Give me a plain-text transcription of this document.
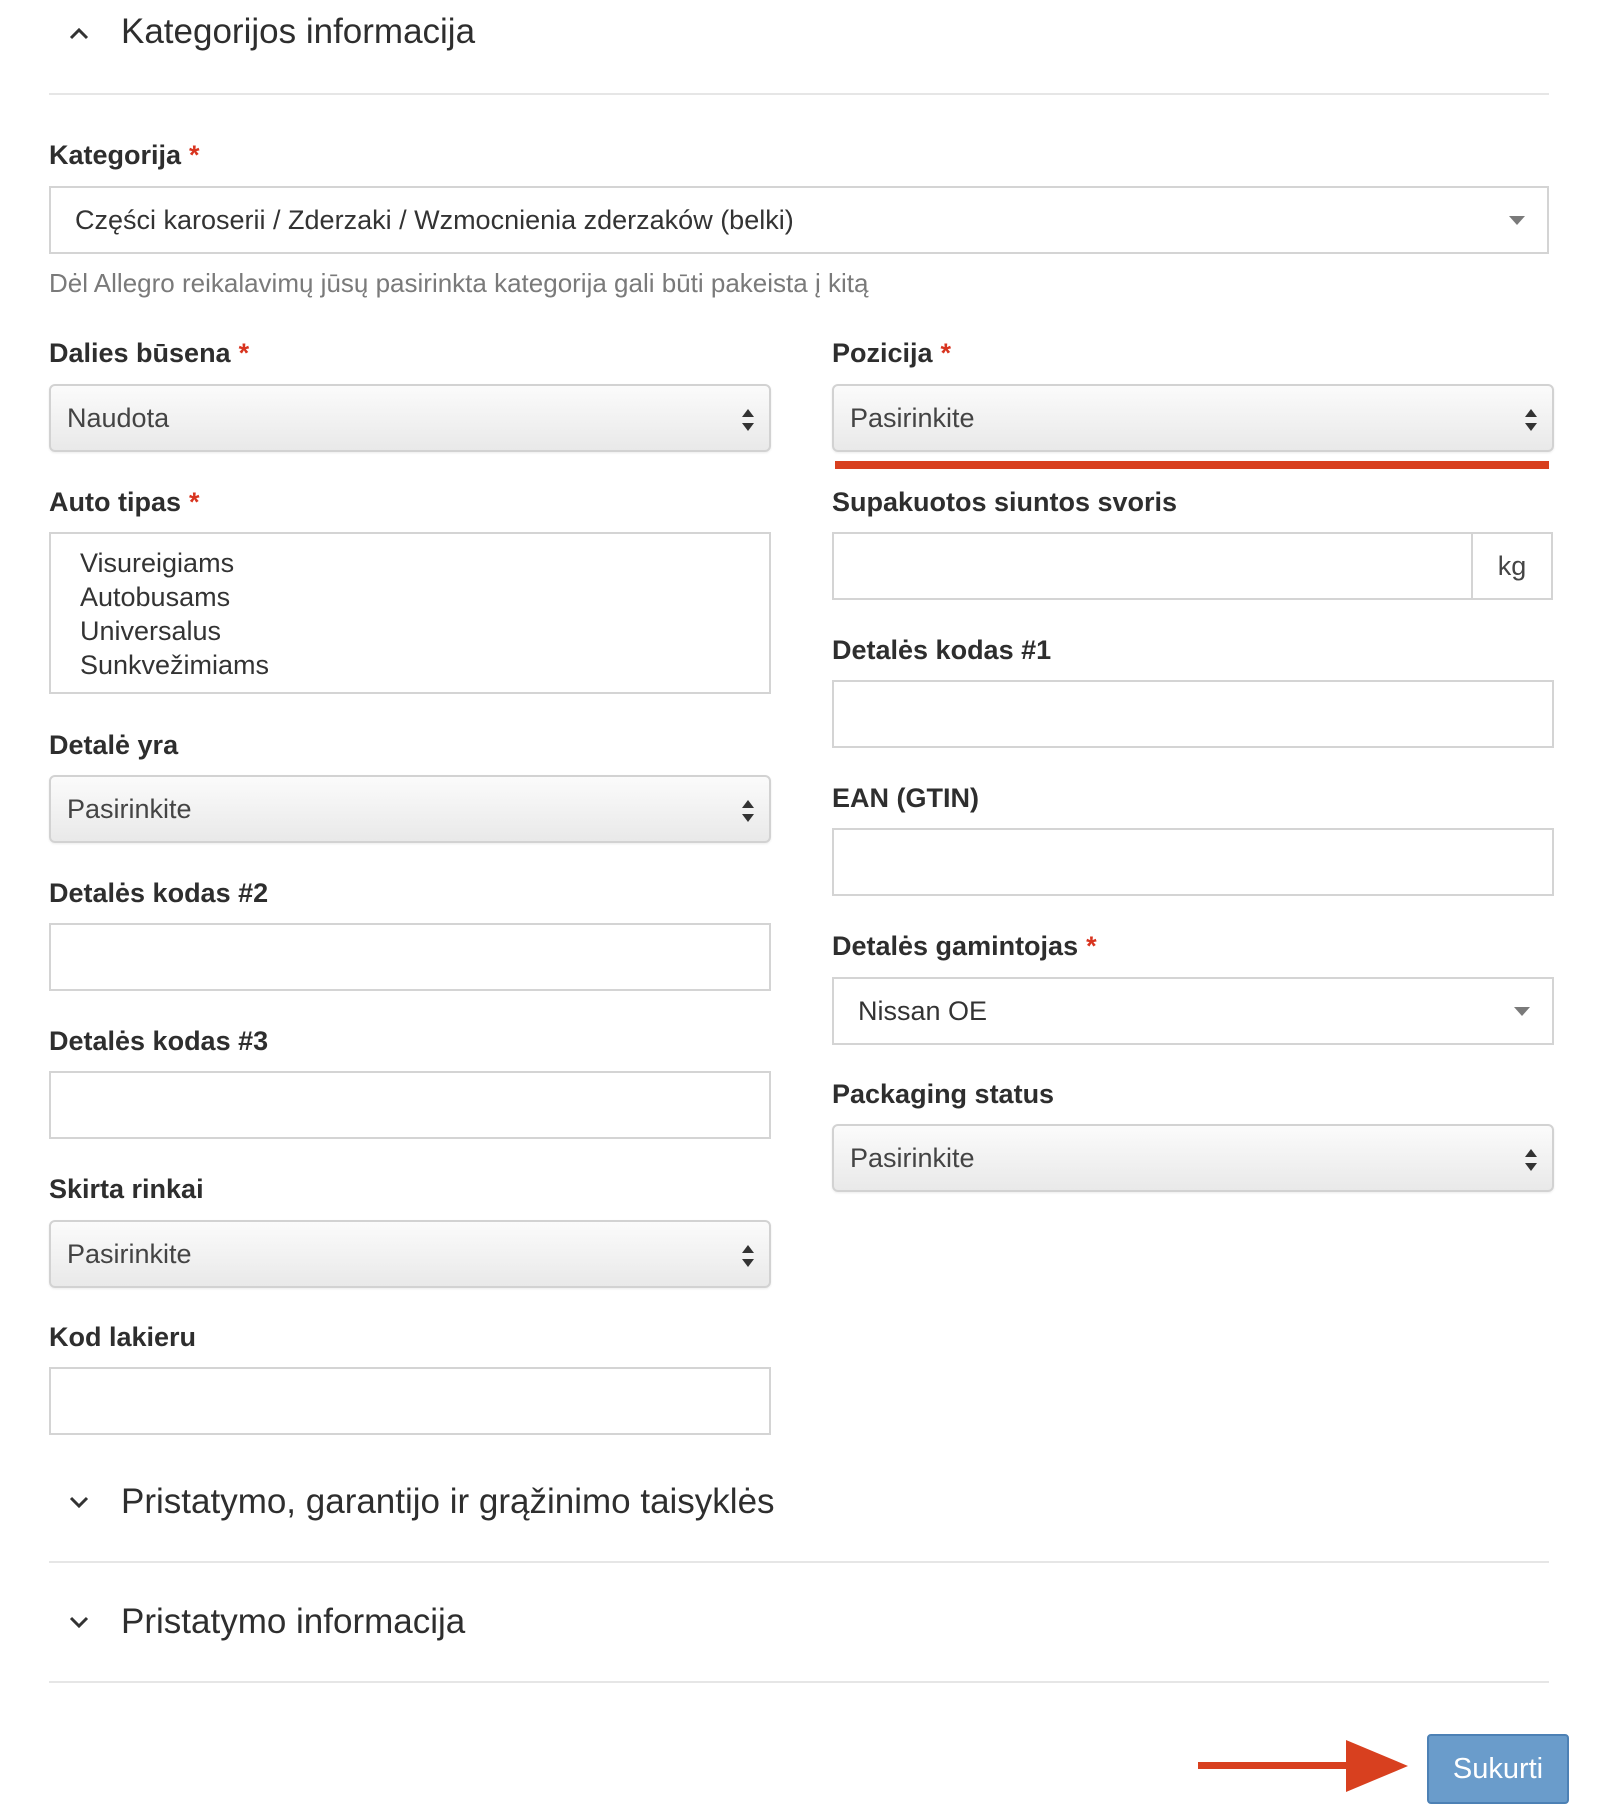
Kategorijos informacija
Kategorija *
Części karoserii / Zderzaki / Wzmocnienia zderzaków (belki)
Dėl Allegro reikalavimų jūsų pasirinkta kategorija gali būti pakeista į kitą
Dalies būsena *
Naudota
Auto tipas *
Visureigiams
Autobusams
Universalus
Sunkvežimiams
Detalė yra
Pasirinkite
Detalės kodas #2
Detalės kodas #3
Skirta rinkai
Pasirinkite
Kod lakieru
Pozicija *
Pasirinkite
Supakuotos siuntos svoris
kg
Detalės kodas #1
EAN (GTIN)
Detalės gamintojas *
Nissan OE
Packaging status
Pasirinkite
Pristatymo, garantijo ir grąžinimo taisyklės
Pristatymo informacija
Sukurti
